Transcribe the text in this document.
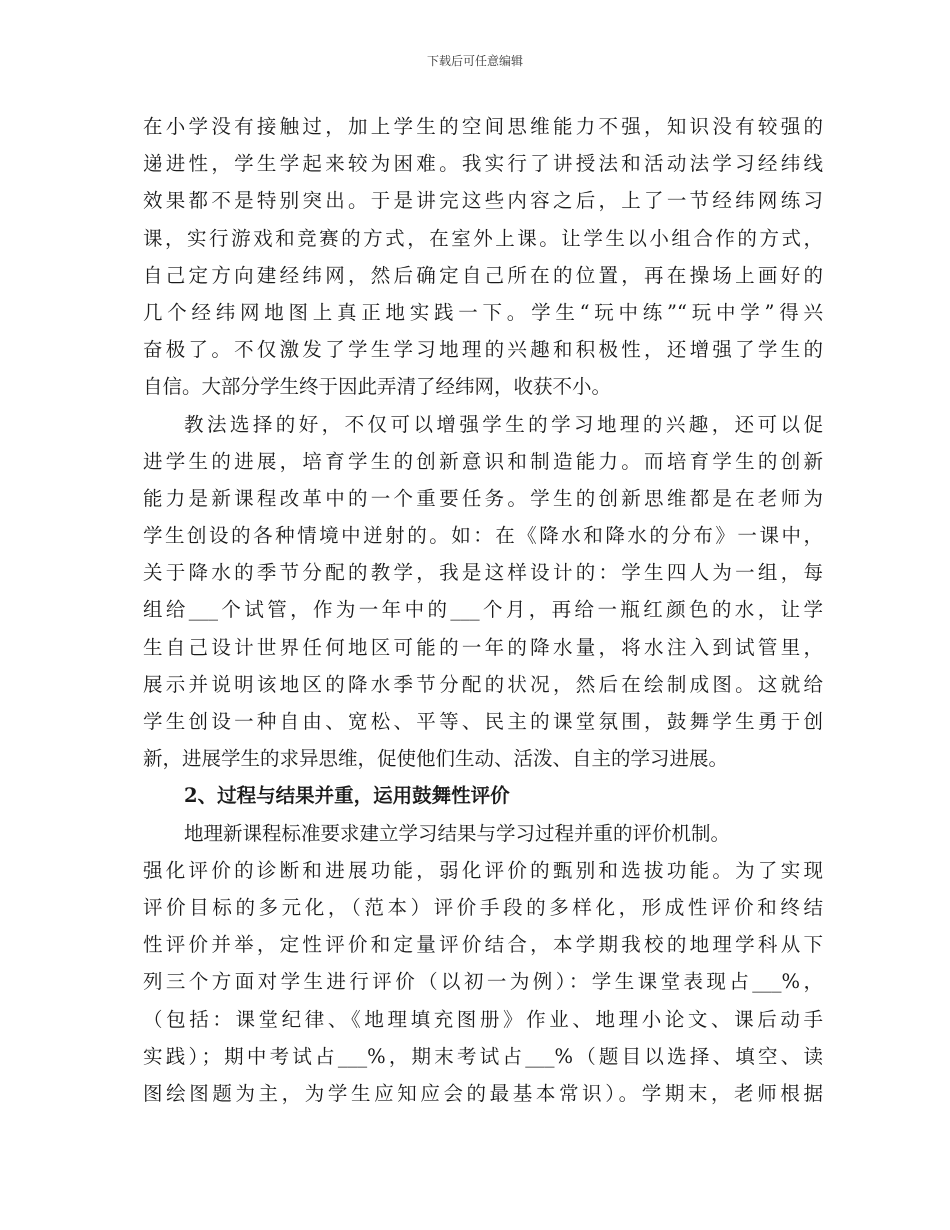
下载后可任意编辑
在小学没有接触过，加上学生的空间思维能力不强，知识没有较强的
递进性，学生学起来较为困难。我实行了讲授法和活动法学习经纬线
效果都不是特别突出。于是讲完这些内容之后，上了一节经纬网练习
课，实行游戏和竞赛的方式，在室外上课。让学生以小组合作的方式，
自己定方向建经纬网，然后确定自己所在的位置，再在操场上画好的
几个经纬网地图上真正地实践一下。学生“玩中练”“玩中学”得兴
奋极了。不仅激发了学生学习地理的兴趣和积极性，还增强了学生的
自信。大部分学生终于因此弄清了经纬网，收获不小。
教法选择的好，不仅可以增强学生的学习地理的兴趣，还可以促
进学生的进展，培育学生的创新意识和制造能力。而培育学生的创新
能力是新课程改革中的一个重要任务。学生的创新思维都是在老师为
学生创设的各种情境中迸射的。如：在《降水和降水的分布》一课中，
关于降水的季节分配的教学，我是这样设计的：学生四人为一组，每
组给___个试管，作为一年中的___个月，再给一瓶红颜色的水，让学
生自己设计世界任何地区可能的一年的降水量，将水注入到试管里，
展示并说明该地区的降水季节分配的状况，然后在绘制成图。这就给
学生创设一种自由、宽松、平等、民主的课堂氛围，鼓舞学生勇于创
新，进展学生的求异思维，促使他们生动、活泼、自主的学习进展。
2、过程与结果并重，运用鼓舞性评价
地理新课程标准要求建立学习结果与学习过程并重的评价机制。
强化评价的诊断和进展功能，弱化评价的甄别和选拔功能。为了实现
评价目标的多元化，（范本）评价手段的多样化，形成性评价和终结
性评价并举，定性评价和定量评价结合，本学期我校的地理学科从下
列三个方面对学生进行评价（以初一为例）：学生课堂表现占___%，
（包括：课堂纪律、《地理填充图册》作业、地理小论文、课后动手
实践）；期中考试占___%，期末考试占___%（题目以选择、填空、读
图绘图题为主，为学生应知应会的最基本常识）。学期末，老师根据
